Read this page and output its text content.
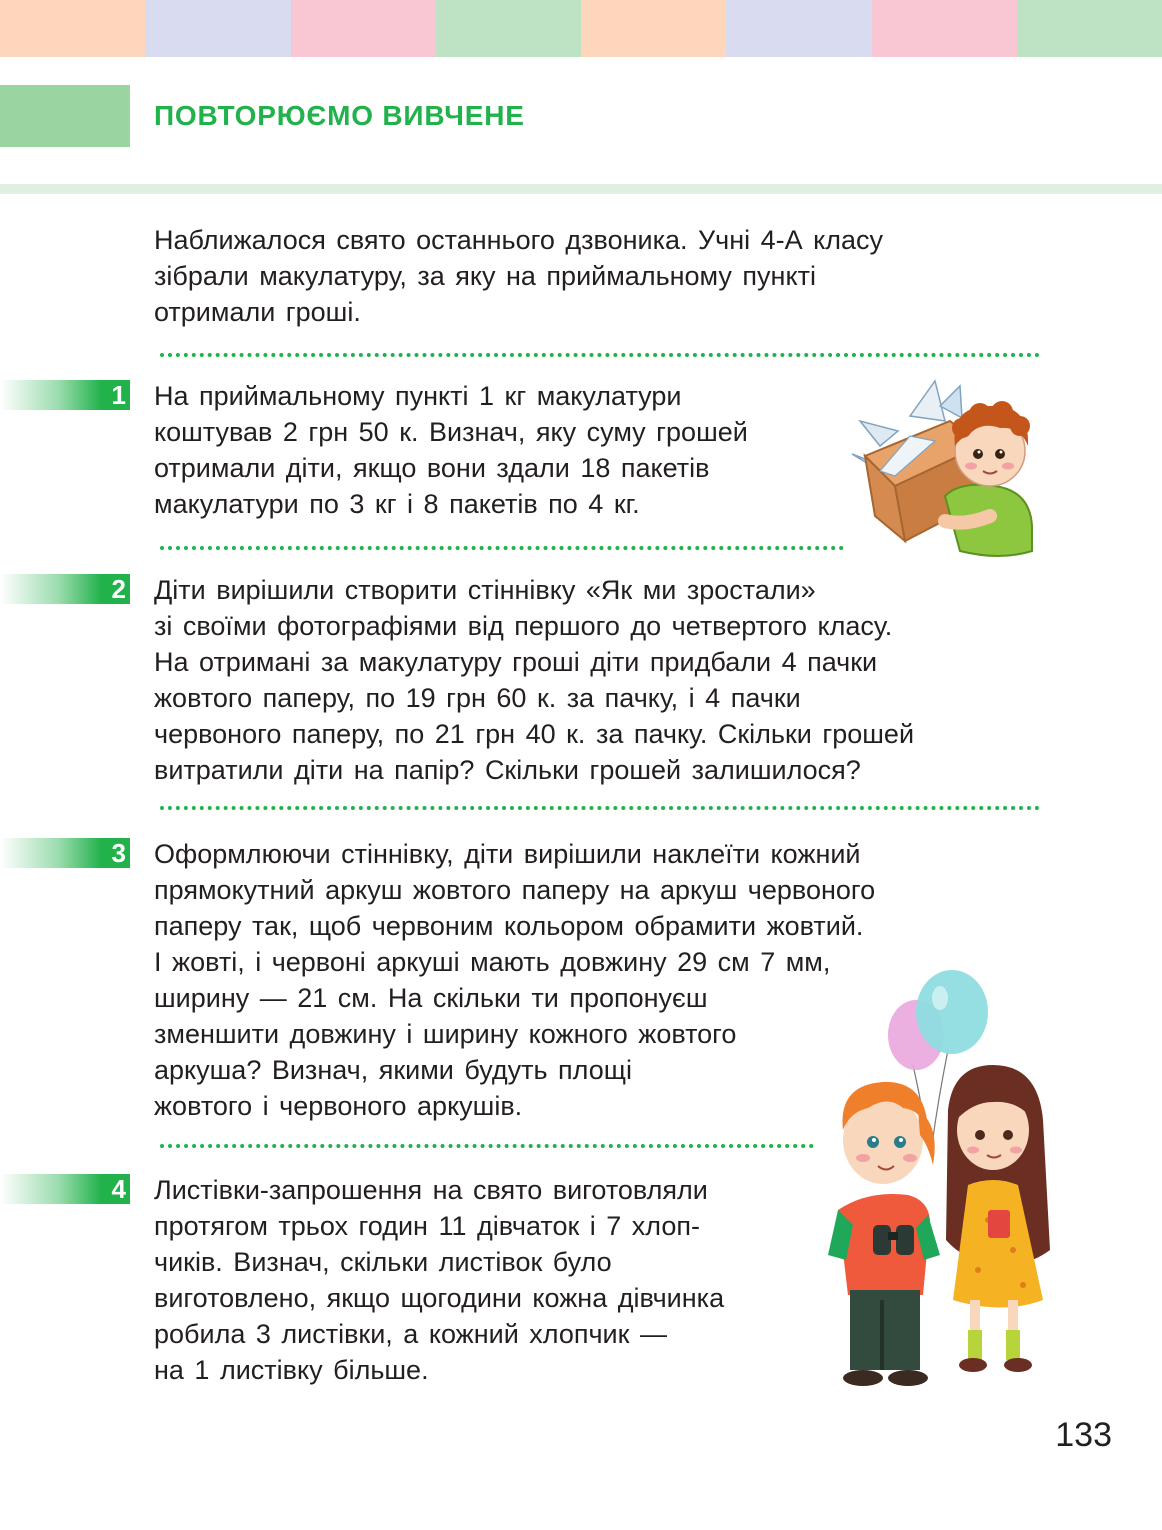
ПОВТОРЮЄМО ВИВЧЕНЕ

Наближалося свято останнього дзвоника. Учні 4-А класу
зібрали макулатуру, за яку на приймальному пункті
отримали гроші.

1 На приймальному пункті 1 кг макулатури
коштував 2 грн 50 к. Визнач, яку суму грошей
отримали діти, якщо вони здали 18 пакетів
макулатури по 3 кг і 8 пакетів по 4 кг.

2 Діти вирішили створити стіннівку «Як ми зростали»
зі своїми фотографіями від першого до четвертого класу.
На отримані за макулатуру гроші діти придбали 4 пачки
жовтого паперу, по 19 грн 60 к. за пачку, і 4 пачки
червоного паперу, по 21 грн 40 к. за пачку. Скільки грошей
витратили діти на папір? Скільки грошей залишилося?

3 Оформлюючи стіннівку, діти вирішили наклеїти кожний
прямокутний аркуш жовтого паперу на аркуш червоного
паперу так, щоб червоним кольором обрамити жовтий.
І жовті, і червоні аркуші мають довжину 29 см 7 мм,
ширину — 21 см. На скільки ти пропонуєш
зменшити довжину і ширину кожного жовтого
аркуша? Визнач, якими будуть площі
жовтого і червоного аркушів.

4 Листівки-запрошення на свято виготовляли
протягом трьох годин 11 дівчаток і 7 хлоп-
чиків. Визнач, скільки листівок було
виготовлено, якщо щогодини кожна дівчинка
робила 3 листівки, а кожний хлопчик —
на 1 листівку більше.

133
